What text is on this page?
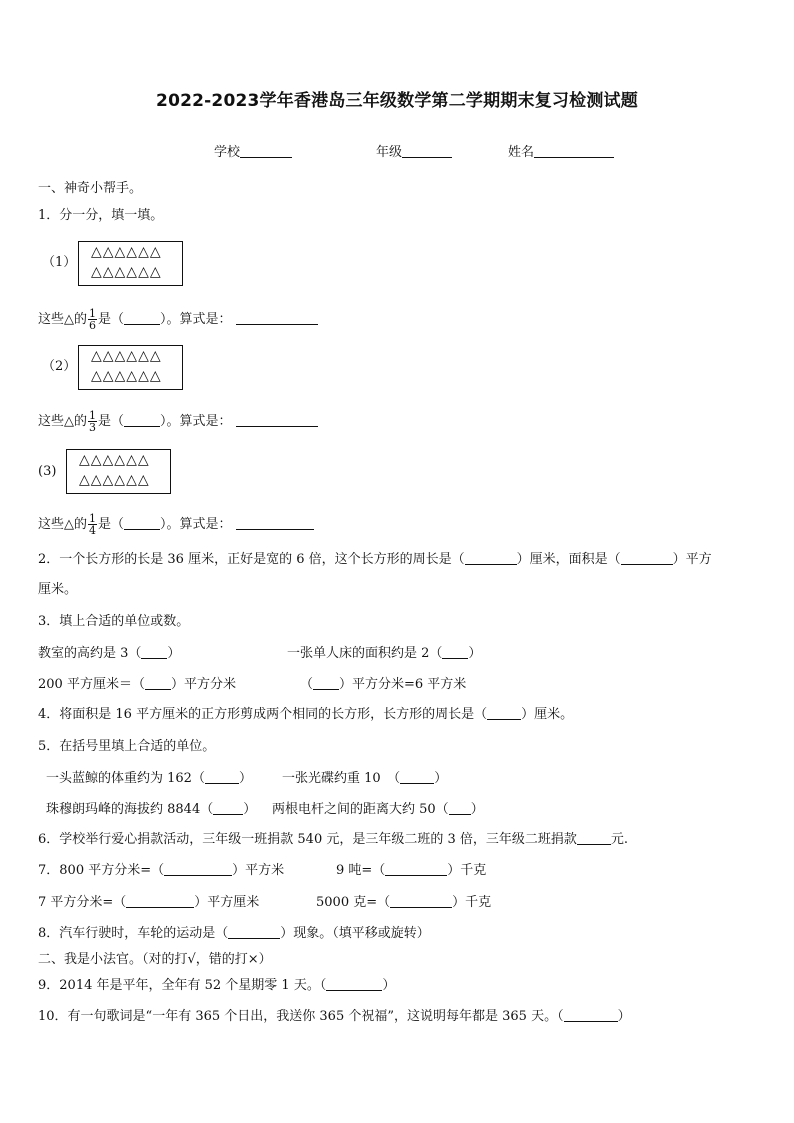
2022-2023学年香港岛三年级数学第二学期期末复习检测试题
学校	年级	姓名
一、神奇小帮手。
1．分一分，填一填。
（1）
△△△△△△
△△△△△△
这些△的 $\frac{1}{6}$ 是（	）。算式是：
（2）
△△△△△△
△△△△△△
这些△的 $\frac{1}{3}$ 是（	）。算式是：
(3)
△△△△△△
△△△△△△
这些△的 $\frac{1}{4}$ 是（	）。算式是：
2．一个长方形的长是 36 厘米，正好是宽的 6 倍，这个长方形的周长是（	）厘米，面积是（	）平方
厘米。
3．填上合适的单位或数。
教室的高约是 3（ ）	一张单人床的面积约是 2（ ）
200 平方厘米＝（ ）平方分米	（ ）平方分米=6 平方米
4．将面积是 16 平方厘米的正方形剪成两个相同的长方形，长方形的周长是（	）厘米。
5．在括号里填上合适的单位。
一头蓝鲸的体重约为 162（	） 一张光碟约重 10　（	）
珠穆朗玛峰的海拔约 8844（ ） 两根电杆之间的距离大约 50（ ）
6．学校举行爱心捐款活动，三年级一班捐款 540 元，是三年级二班的 3 倍，三年级二班捐款	元.
7．800 平方分米=（	）平方米	9 吨=（	）千克
7 平方分米=（	）平方厘米	5000 克=（	）千克
8．汽车行驶时，车轮的运动是（	）现象。（填平移或旋转）
二、我是小法官。（对的打√，错的打×）
9．2014 年是平年，全年有 52 个星期零 1 天。（	）
10．有一句歌词是“一年有 365 个日出，我送你 365 个祝福”，这说明每年都是 365 天。（	）
